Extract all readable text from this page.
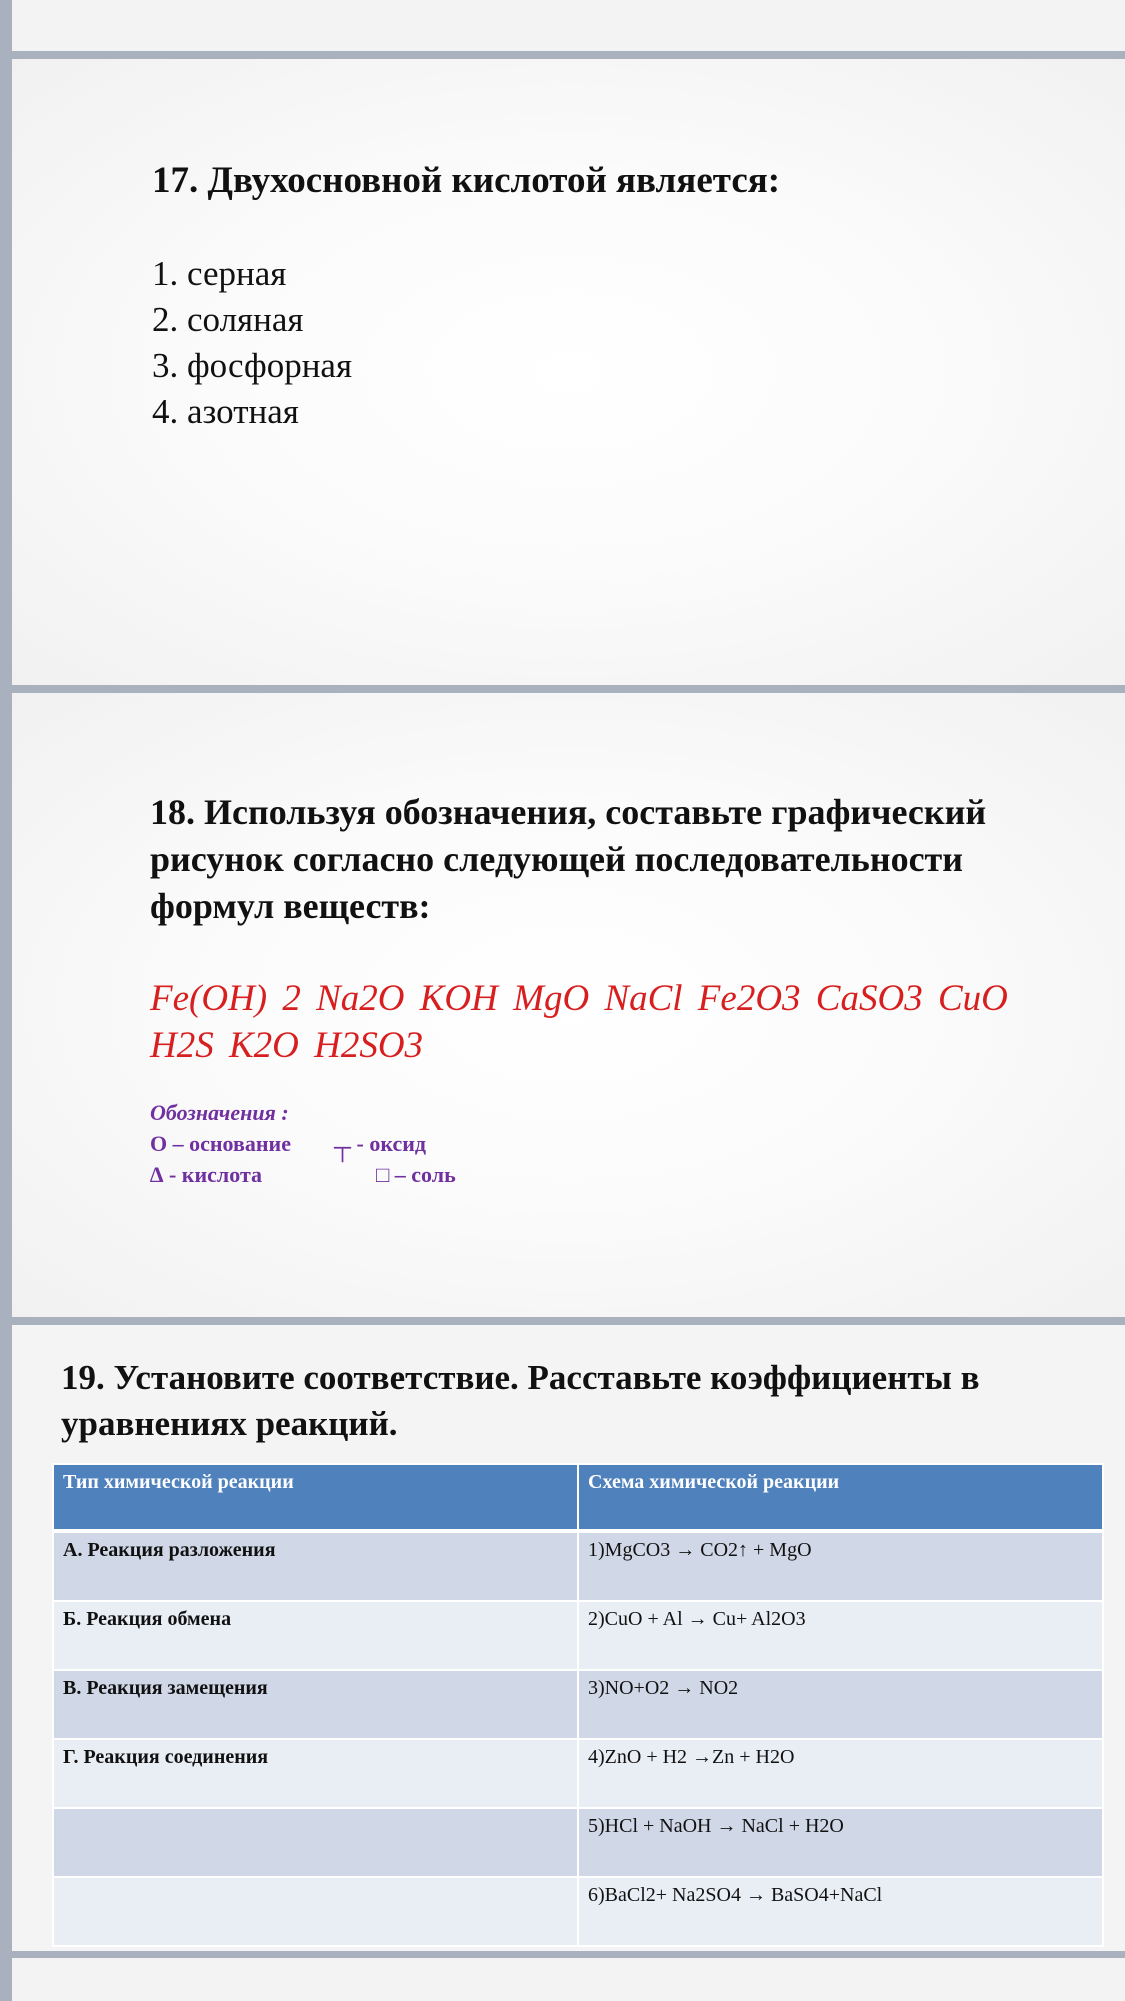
17. Двухосновной кислотой является:
1. серная
2. соляная
3. фосфорная
4. азотная
18. Используя обозначения, составьте графический рисунок согласно следующей последовательности формул веществ:
Fe(OH) 2 Na2O KOH MgO NaCl Fe2O3 CaSO3 CuO H2S K2O H2SO3
Обозначения :
O – основание ┬ - оксид
∆ - кислота	□ – соль
19. Установите соответствие. Расставьте коэффициенты в уравнениях реакций.
Тип химической реакции	Схема химической реакции
А. Реакция разложения	1)MgCO3 → CO2↑ + MgO
Б. Реакция обмена	2)CuO + Al → Cu+ Al2O3
В. Реакция замещения	3)NO+O2 → NO2
Г. Реакция соединения	4)ZnO + H2 →Zn + H2O
	5)HCl + NaOH → NaCl + H2O
	6)BaCl2+ Na2SO4 → BaSO4+NaCl
